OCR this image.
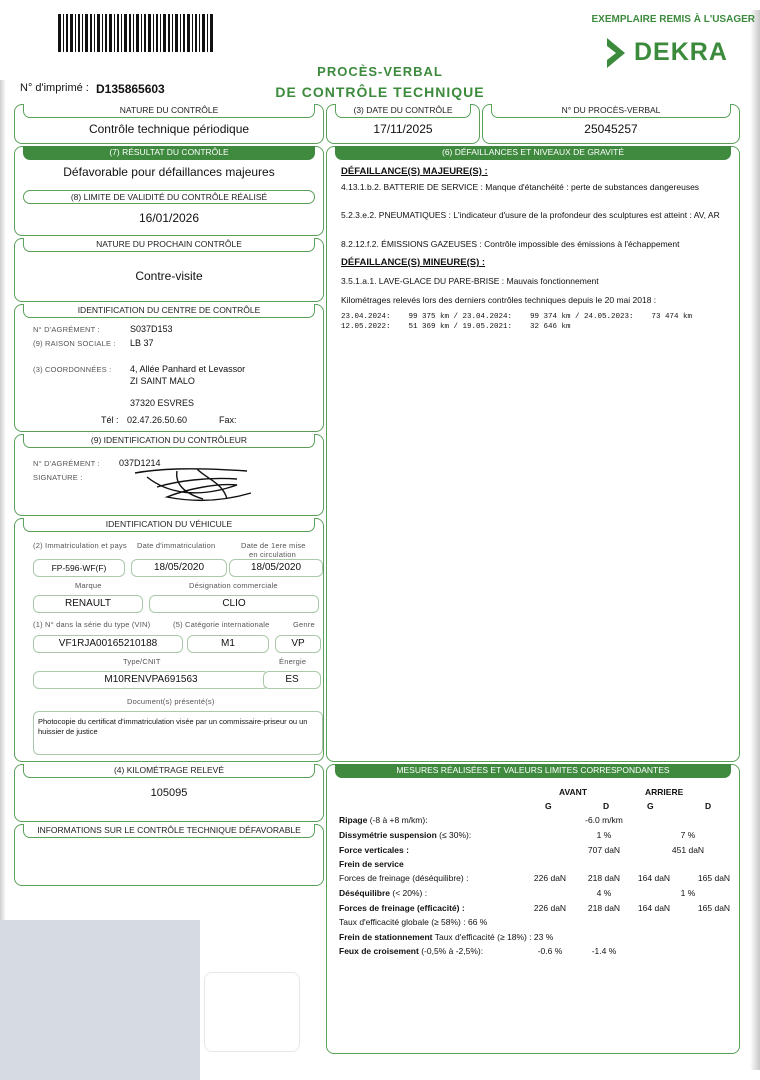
N° d'imprimé : D135865603
PROCÈS-VERBAL
DE CONTRÔLE TECHNIQUE
EXEMPLAIRE REMIS À L'USAGER
DEKRA
NATURE DU CONTRÔLE
Contrôle technique périodique
(3) DATE DU CONTRÔLE
17/11/2025
N° DU PROCÈS-VERBAL
25045257
(7) RÉSULTAT DU CONTRÔLE
Défavorable pour défaillances majeures
(8) LIMITE DE VALIDITÉ DU CONTRÔLE RÉALISÉ
16/01/2026
NATURE DU PROCHAIN CONTRÔLE
Contre-visite
IDENTIFICATION DU CENTRE DE CONTRÔLE
N° D'AGRÉMENT :	S037D153
(9) RAISON SOCIALE : LB 37
(3) COORDONNÉES : 4, Allée Panhard et Levassor
ZI SAINT MALO
37320 ESVRES
Tél : 02.47.26.50.60	Fax:
(9) IDENTIFICATION DU CONTRÔLEUR
N° D'AGRÉMENT : 037D1214
SIGNATURE :
IDENTIFICATION DU VÉHICULE
(2) Immatriculation et pays Date d'immatriculation	Date de 1ere mise
en circulation
FP-596-WF(F)	18/05/2020	18/05/2020
Marque	Désignation commerciale
RENAULT	CLIO
(1) N° dans la série du type (VIN)	(5) Catégorie internationale	Genre
VF1RJA00165210188	M1	VP
Type/CNIT	Énergie
M10RENVPA691563	ES
Document(s) présenté(s)
Photocopie du certificat d'immatriculation visée par un commissaire-priseur ou un huissier de justice
(4) KILOMÉTRAGE RELEVÉ
105095
INFORMATIONS SUR LE CONTRÔLE TECHNIQUE DÉFAVORABLE
(6) DÉFAILLANCES ET NIVEAUX DE GRAVITÉ
DÉFAILLANCE(S) MAJEURE(S) :
4.13.1.b.2. BATTERIE DE SERVICE : Manque d'étanchéité : perte de substances dangereuses
5.2.3.e.2. PNEUMATIQUES : L'indicateur d'usure de la profondeur des sculptures est atteint : AV, AR
8.2.12.f.2. ÉMISSIONS GAZEUSES : Contrôle impossible des émissions à l'échappement
DÉFAILLANCE(S) MINEURE(S) :
3.5.1.a.1. LAVE-GLACE DU PARE-BRISE : Mauvais fonctionnement
Kilométrages relevés lors des derniers contrôles techniques depuis le 20 mai 2018 :
23.04.2024:    99 375 km / 23.04.2024:    99 374 km / 24.05.2023:    73 474 km
12.05.2022:    51 369 km / 19.05.2021:    32 646 km
MESURES RÉALISÉES ET VALEURS LIMITES CORRESPONDANTES
AVANT	ARRIERE
G	D	G	D
Ripage (-8 à +8 m/km):	-6.0 m/km
Dissymétrie suspension (≤ 30%):	1 %	7 %
Force verticales :	707 daN	451 daN
Frein de service
Forces de freinage (déséquilibre) :	226 daN	218 daN	164 daN	165 daN
Déséquilibre (< 20%) :	4 %	1 %
Forces de freinage (efficacité) :	226 daN	218 daN	164 daN	165 daN
Taux d'efficacité globale (≥ 58%) : 66 %
Frein de stationnement Taux d'efficacité (≥ 18%) : 23 %
Feux de croisement (-0,5% à -2,5%):	-0.6 %	-1.4 %
